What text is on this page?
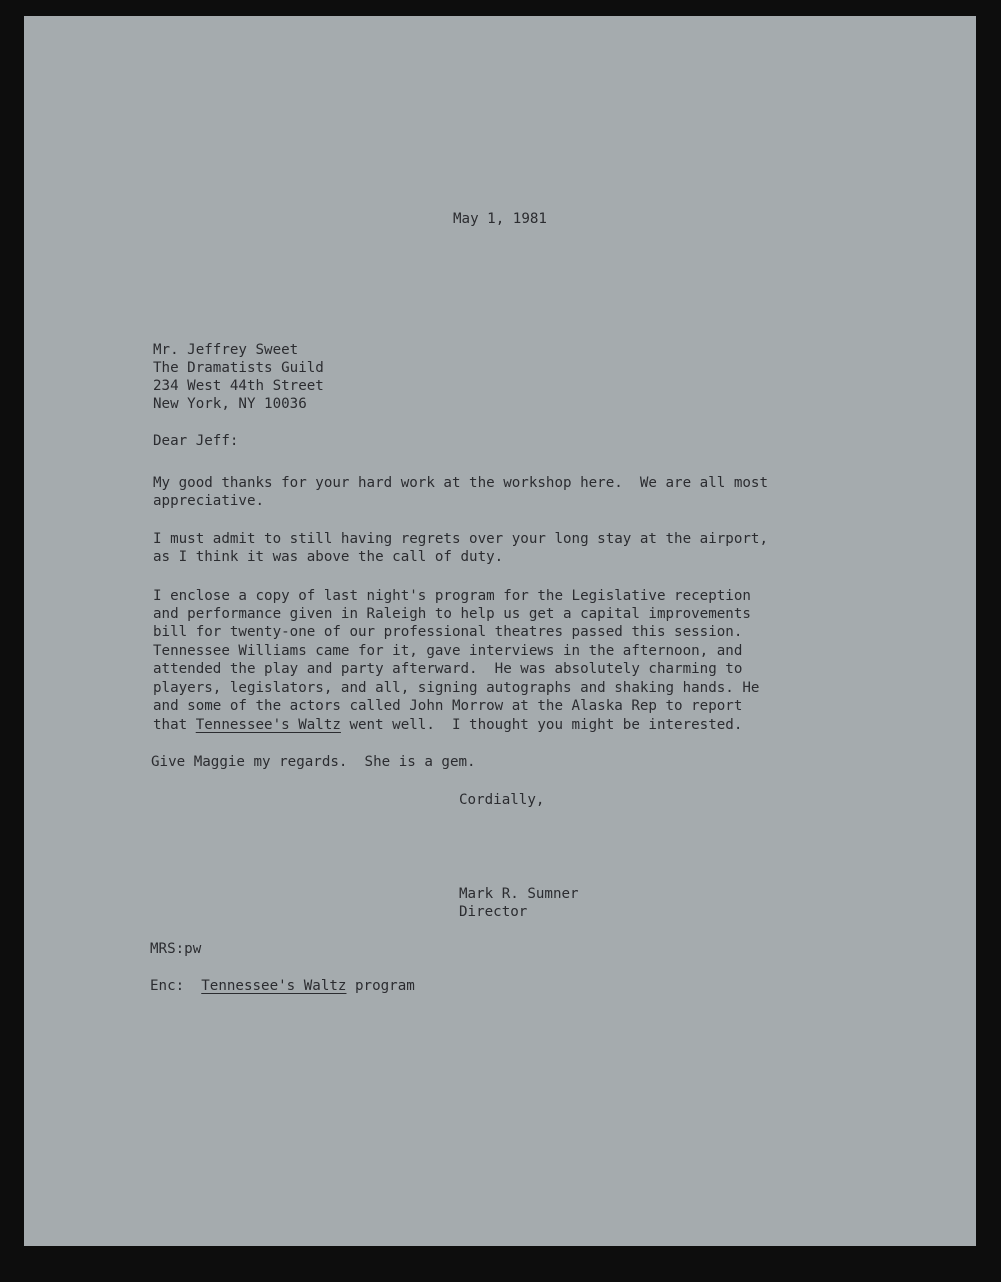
May 1, 1981
Mr. Jeffrey Sweet
The Dramatists Guild
234 West 44th Street
New York, NY 10036
Dear Jeff:
My good thanks for your hard work at the workshop here.  We are all most
appreciative.
I must admit to still having regrets over your long stay at the airport,
as I think it was above the call of duty.
I enclose a copy of last night's program for the Legislative reception
and performance given in Raleigh to help us get a capital improvements
bill for twenty-one of our professional theatres passed this session.
Tennessee Williams came for it, gave interviews in the afternoon, and
attended the play and party afterward.  He was absolutely charming to
players, legislators, and all, signing autographs and shaking hands. He
and some of the actors called John Morrow at the Alaska Rep to report
that Tennessee's Waltz went well.  I thought you might be interested.
Give Maggie my regards.  She is a gem.
Cordially,
Mark R. Sumner
Director
MRS:pw
Enc:  Tennessee's Waltz program
